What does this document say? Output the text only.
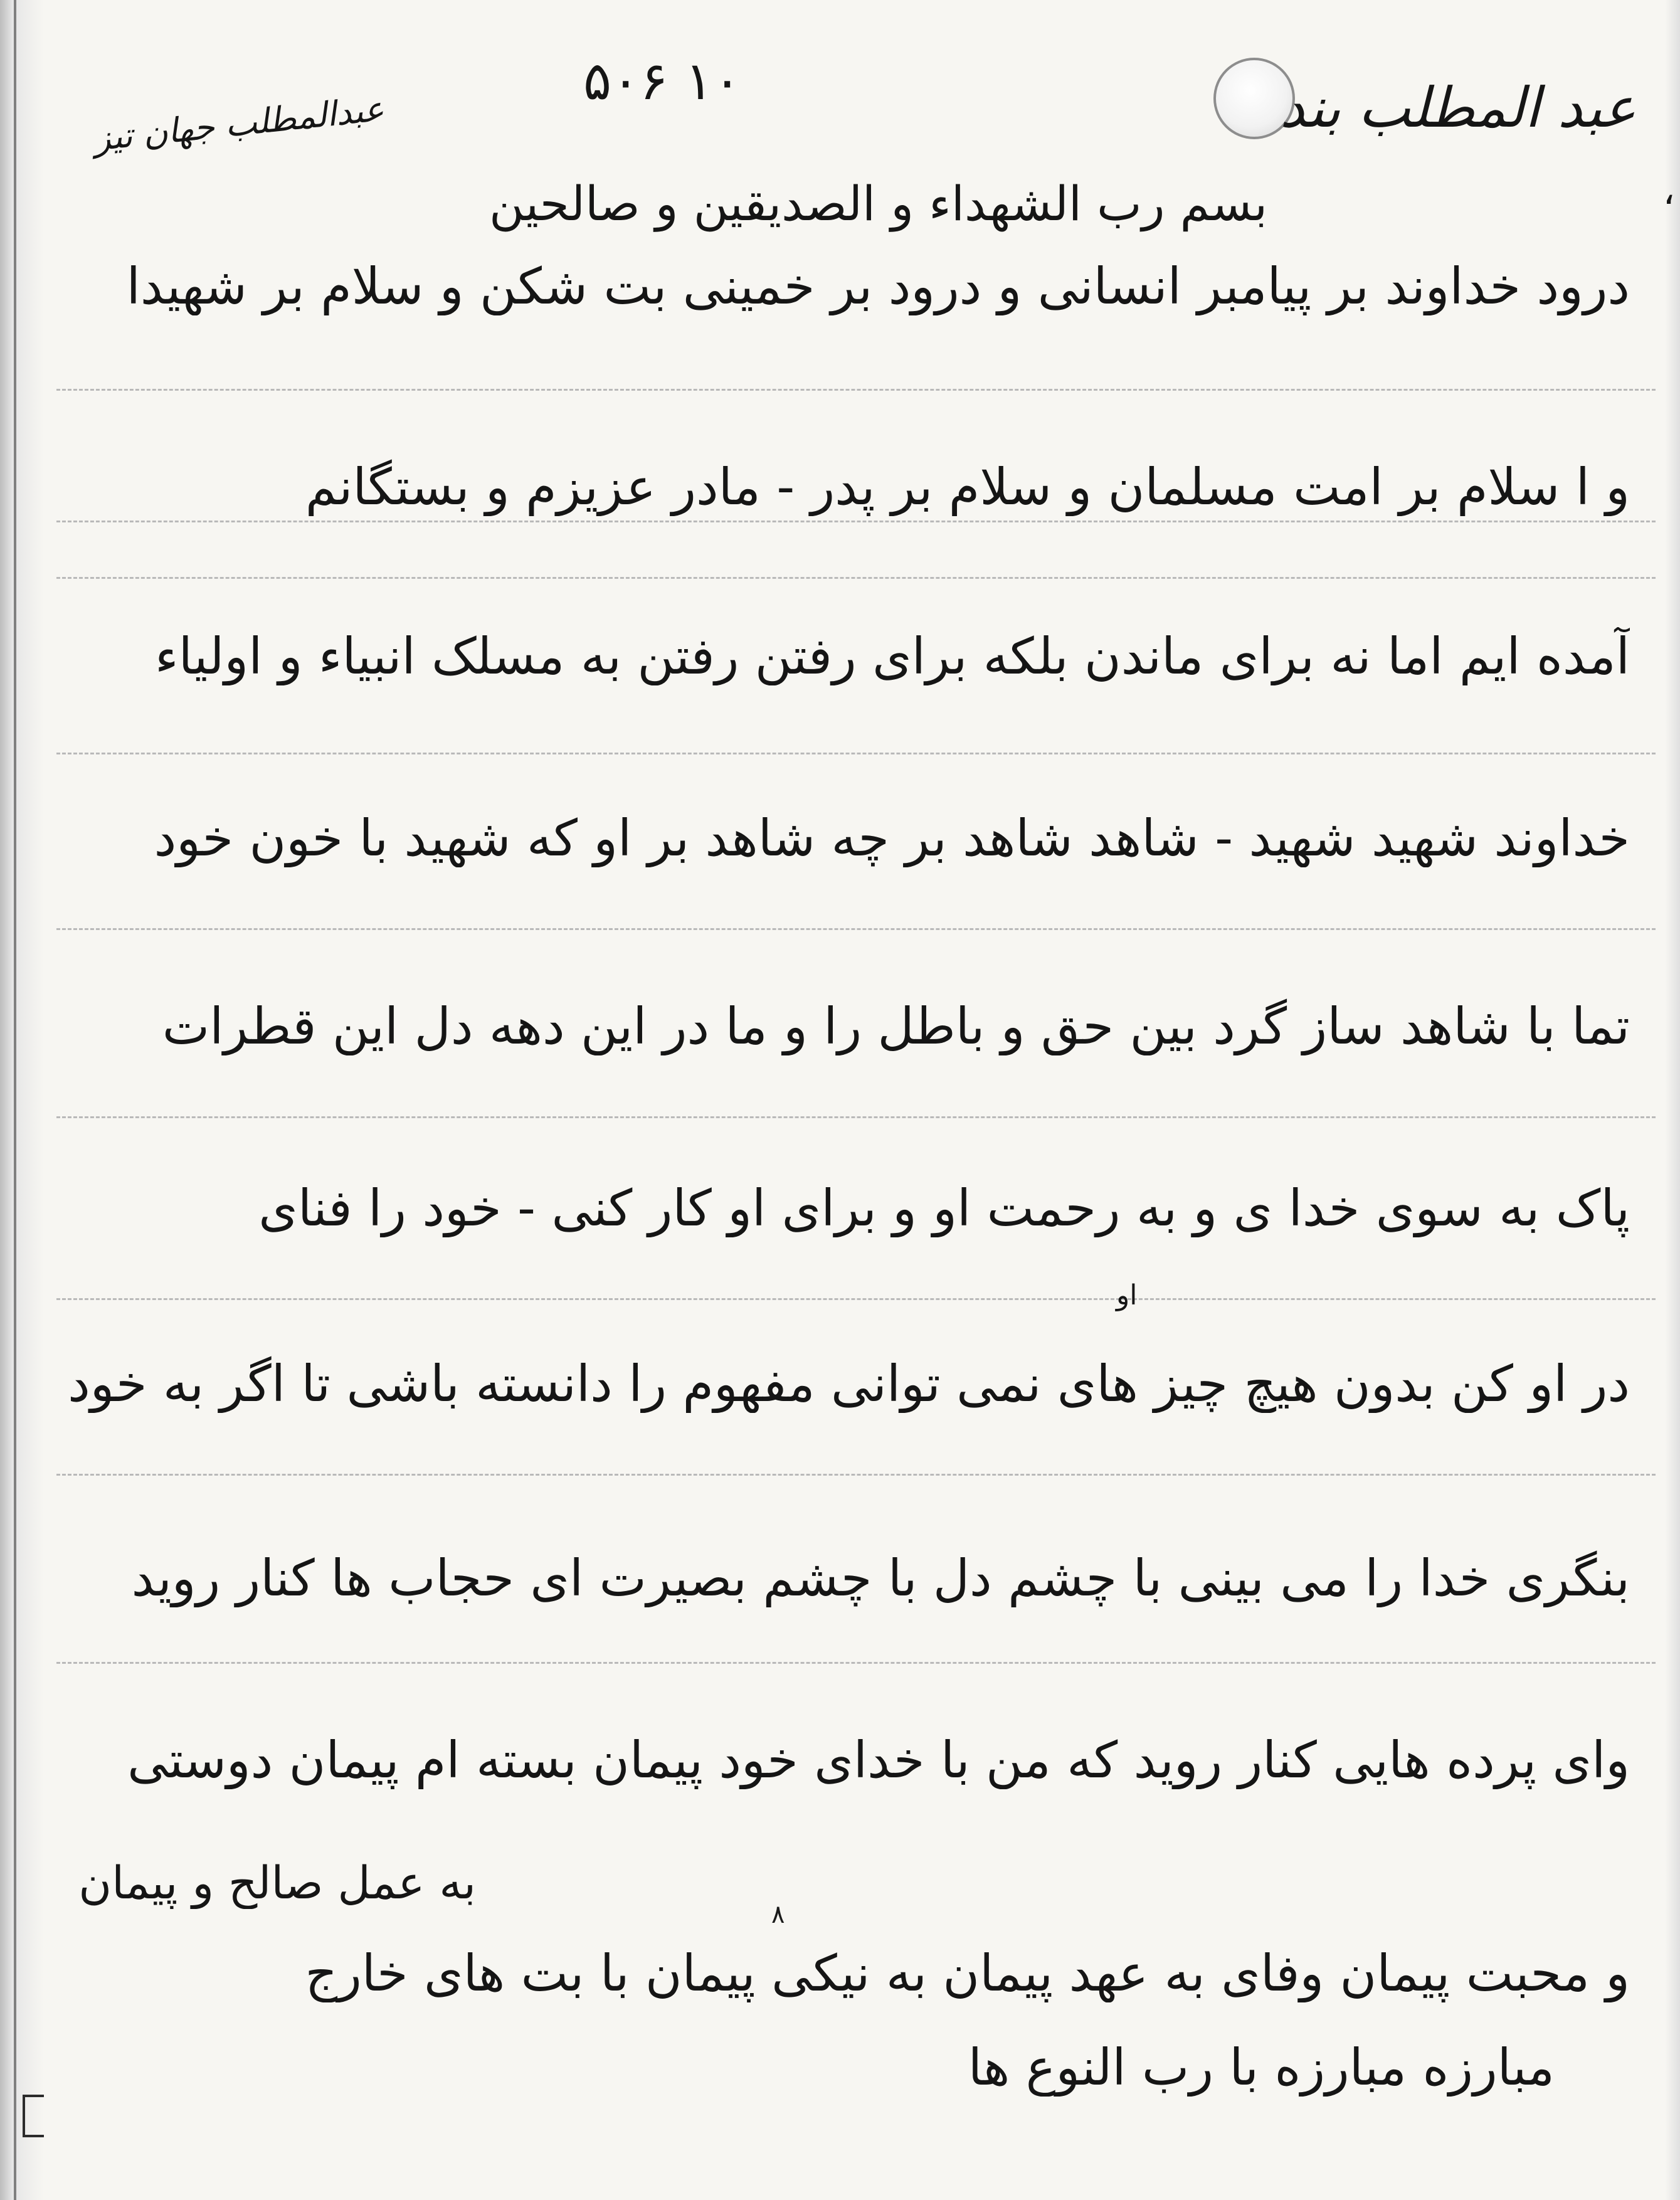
،
عبد المطلب بند
۵۰۶ ۱۰
عبدالمطلب جهان تیز
بسم رب الشهداء و الصدیقین و صالحین
درود خداوند بر پیامبر انسانی و درود بر خمینی بت شکن و سلام بر شهیدا
و ا سلام بر امت مسلمان و سلام بر پدر - مادر عزیزم و بستگانم
آمده ایم اما نه برای ماندن بلکه برای رفتن رفتن به مسلک انبیاء و اولیاء
خداوند شهید شهید - شاهد شاهد بر چه شاهد بر او که شهید با خون خود
تما با شاهد ساز گرد بین حق و باطل را و ما در این دهه دل این قطرات
پاک به سوی خدا ی و به رحمت او و برای او کار کنی - خود را فنای
او
در او کن بدون هیچ چیز های نمی توانی مفهوم را دانسته باشی تا اگر به خود
بنگری خدا را می بینی با چشم دل با چشم بصیرت ای حجاب ها کنار روید
وای پرده هایی کنار روید که من با خدای خود پیمان بسته ام پیمان دوستی
به عمل صالح و پیمان
۸
و محبت پیمان وفای به عهد پیمان به نیکی پیمان با بت های خارج
مبارزه مبارزه با رب النوع ها
